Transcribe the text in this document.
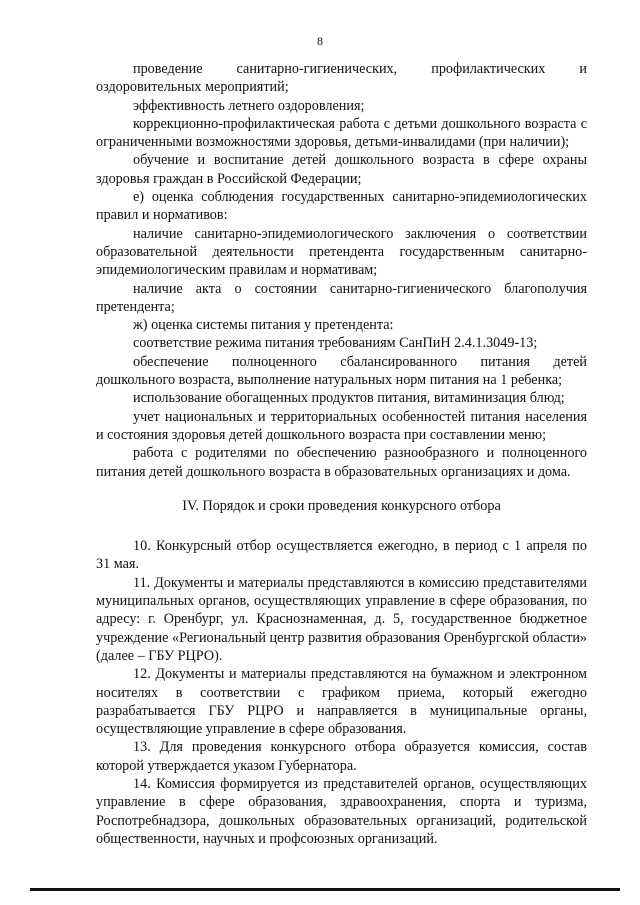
8

проведение санитарно-гигиенических, профилактических и оздоровительных мероприятий;

эффективность летнего оздоровления;

коррекционно-профилактическая работа с детьми дошкольного возраста с ограниченными возможностями здоровья, детьми-инвалидами (при наличии);

обучение и воспитание детей дошкольного возраста в сфере охраны здоровья граждан в Российской Федерации;

е) оценка соблюдения государственных санитарно-эпидемиологических правил и нормативов:

наличие санитарно-эпидемиологического заключения о соответствии образовательной деятельности претендента государственным санитарно-эпидемиологическим правилам и нормативам;

наличие акта о состоянии санитарно-гигиенического благополучия претендента;

ж) оценка системы питания у претендента:

соответствие режима питания требованиям СанПиН 2.4.1.3049-13;

обеспечение полноценного сбалансированного питания детей дошкольного возраста, выполнение натуральных норм питания на 1 ребенка;

использование обогащенных продуктов питания, витаминизация блюд;

учет национальных и территориальных особенностей питания населения и состояния здоровья детей дошкольного возраста при составлении меню;

работа с родителями по обеспечению разнообразного и полноценного питания детей дошкольного возраста в образовательных организациях и дома.

IV. Порядок и сроки проведения конкурсного отбора

10. Конкурсный отбор осуществляется ежегодно, в период с 1 апреля по 31 мая.

11. Документы и материалы представляются в комиссию представителями муниципальных органов, осуществляющих управление в сфере образования, по адресу: г. Оренбург, ул. Краснознаменная, д. 5, государственное бюджетное учреждение «Региональный центр развития образования Оренбургской области» (далее – ГБУ РЦРО).

12. Документы и материалы представляются на бумажном и электронном носителях в соответствии с графиком приема, который ежегодно разрабатывается ГБУ РЦРО и направляется в муниципальные органы, осуществляющие управление в сфере образования.

13. Для проведения конкурсного отбора образуется комиссия, состав которой утверждается указом Губернатора.

14. Комиссия формируется из представителей органов, осуществляющих управление в сфере образования, здравоохранения, спорта и туризма, Роспотребнадзора, дошкольных образовательных организаций, родительской общественности, научных и профсоюзных организаций.
